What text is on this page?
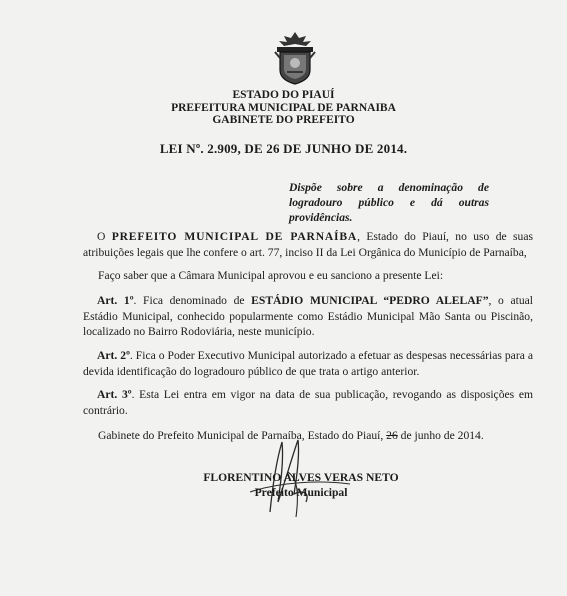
ESTADO DO PIAUÍ
PREFEITURA MUNICIPAL DE PARNAIBA
GABINETE DO PREFEITO
LEI Nº. 2.909, DE 26 DE JUNHO DE 2014.
Dispõe sobre a denominação de logradouro público e dá outras providências.
O PREFEITO MUNICIPAL DE PARNAÍBA, Estado do Piauí, no uso de suas atribuições legais que lhe confere o art. 77, inciso II da Lei Orgânica do Município de Parnaíba,
Faço saber que a Câmara Municipal aprovou e eu sanciono a presente Lei:
Art. 1º. Fica denominado de ESTÁDIO MUNICIPAL “PEDRO ALELAF”, o atual Estádio Municipal, conhecido popularmente como Estádio Municipal Mão Santa ou Piscinão, localizado no Bairro Rodoviária, neste município.
Art. 2º. Fica o Poder Executivo Municipal autorizado a efetuar as despesas necessárias para a devida identificação do logradouro público de que trata o artigo anterior.
Art. 3º. Esta Lei entra em vigor na data de sua publicação, revogando as disposições em contrário.
Gabinete do Prefeito Municipal de Parnaíba, Estado do Piauí, 26 de junho de 2014.
FLORENTINO ALVES VERAS NETO
Prefeito Municipal
